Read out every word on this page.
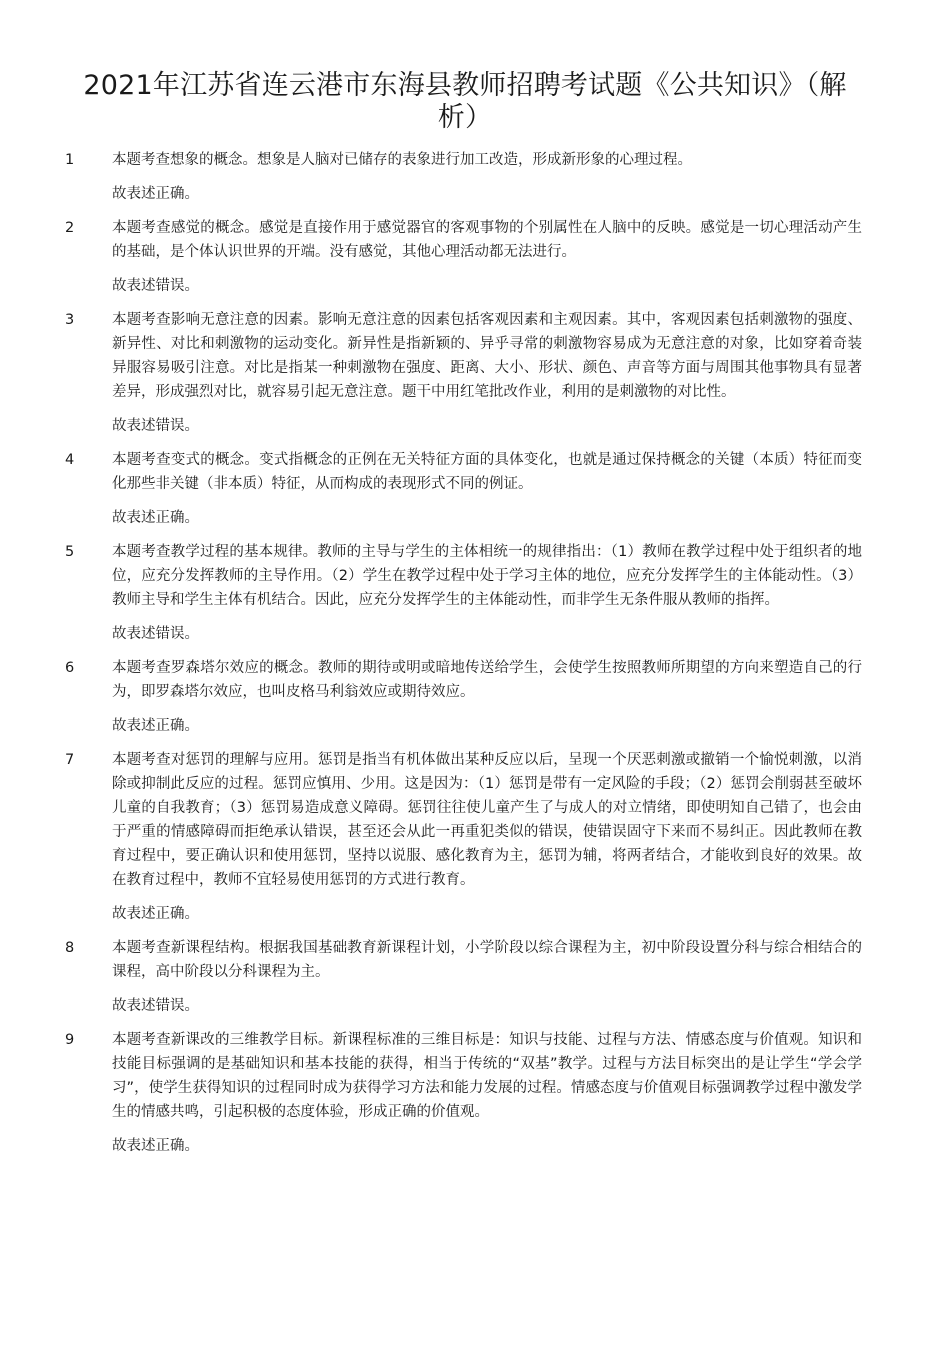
2021年江苏省连云港市东海县教师招聘考试题《公共知识》（解析）
1	本题考查想象的概念。想象是人脑对已储存的表象进行加工改造，形成新形象的心理过程。

故表述正确。

2	本题考查感觉的概念。感觉是直接作用于感觉器官的客观事物的个别属性在人脑中的反映。感觉是一切心理活动产生的基础，是个体认识世界的开端。没有感觉，其他心理活动都无法进行。

故表述错误。

3	本题考查影响无意注意的因素。影响无意注意的因素包括客观因素和主观因素。其中，客观因素包括刺激物的强度、新异性、对比和刺激物的运动变化。新异性是指新颖的、异乎寻常的刺激物容易成为无意注意的对象，比如穿着奇装异服容易吸引注意。对比是指某一种刺激物在强度、距离、大小、形状、颜色、声音等方面与周围其他事物具有显著差异，形成强烈对比，就容易引起无意注意。题干中用红笔批改作业，利用的是刺激物的对比性。

故表述错误。

4	本题考查变式的概念。变式指概念的正例在无关特征方面的具体变化，也就是通过保持概念的关键（本质）特征而变化那些非关键（非本质）特征，从而构成的表现形式不同的例证。

故表述正确。

5	本题考查教学过程的基本规律。教师的主导与学生的主体相统一的规律指出：（1）教师在教学过程中处于组织者的地位，应充分发挥教师的主导作用。（2）学生在教学过程中处于学习主体的地位，应充分发挥学生的主体能动性。（3）教师主导和学生主体有机结合。因此，应充分发挥学生的主体能动性，而非学生无条件服从教师的指挥。

故表述错误。

6	本题考查罗森塔尔效应的概念。教师的期待或明或暗地传送给学生，会使学生按照教师所期望的方向来塑造自己的行为，即罗森塔尔效应，也叫皮格马利翁效应或期待效应。

故表述正确。

7	本题考查对惩罚的理解与应用。惩罚是指当有机体做出某种反应以后，呈现一个厌恶刺激或撤销一个愉悦刺激，以消除或抑制此反应的过程。惩罚应慎用、少用。这是因为：（1）惩罚是带有一定风险的手段；（2）惩罚会削弱甚至破坏儿童的自我教育；（3）惩罚易造成意义障碍。惩罚往往使儿童产生了与成人的对立情绪，即使明知自己错了，也会由于严重的情感障碍而拒绝承认错误，甚至还会从此一再重犯类似的错误，使错误固守下来而不易纠正。因此教师在教育过程中，要正确认识和使用惩罚，坚持以说服、感化教育为主，惩罚为辅，将两者结合，才能收到良好的效果。故在教育过程中，教师不宜轻易使用惩罚的方式进行教育。

故表述正确。

8	本题考查新课程结构。根据我国基础教育新课程计划，小学阶段以综合课程为主，初中阶段设置分科与综合相结合的课程，高中阶段以分科课程为主。

故表述错误。

9	本题考查新课改的三维教学目标。新课程标准的三维目标是：知识与技能、过程与方法、情感态度与价值观。知识和技能目标强调的是基础知识和基本技能的获得，相当于传统的“双基”教学。过程与方法目标突出的是让学生“学会学习”，使学生获得知识的过程同时成为获得学习方法和能力发展的过程。情感态度与价值观目标强调教学过程中激发学生的情感共鸣，引起积极的态度体验，形成正确的价值观。

故表述正确。
